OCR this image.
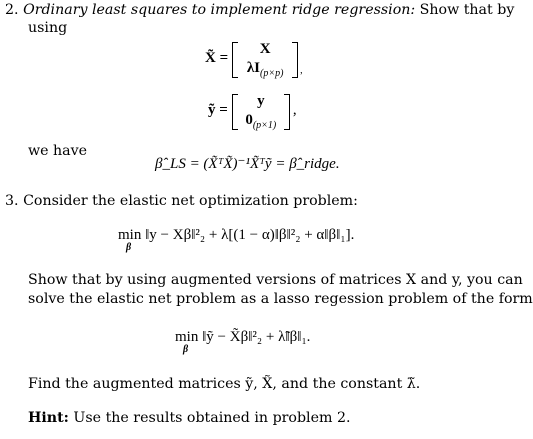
2. Ordinary least squares to implement ridge regression: Show that by
using
X̃ =
X
$\lambda I_{(p\times p)}$ ,
ỹ =
y
$0_{(p\times 1)}$
,
we have
β̂_LS = (X̃ᵀX̃)⁻¹X̃ᵀỹ = β̂_ridge.
3. Consider the elastic net optimization problem:
min ‖y − Xβ‖²₂ + λ[(1 − α)‖β‖²₂ + α‖β‖₁].
β
Show that by using augmented versions of matrices X and y, you can
solve the elastic net problem as a lasso regession problem of the form
min ‖ỹ − X̃β‖²₂ + λ̃‖β‖₁.
β
Find the augmented matrices ỹ, X̃, and the constant λ̃.
Hint: Use the results obtained in problem 2.
